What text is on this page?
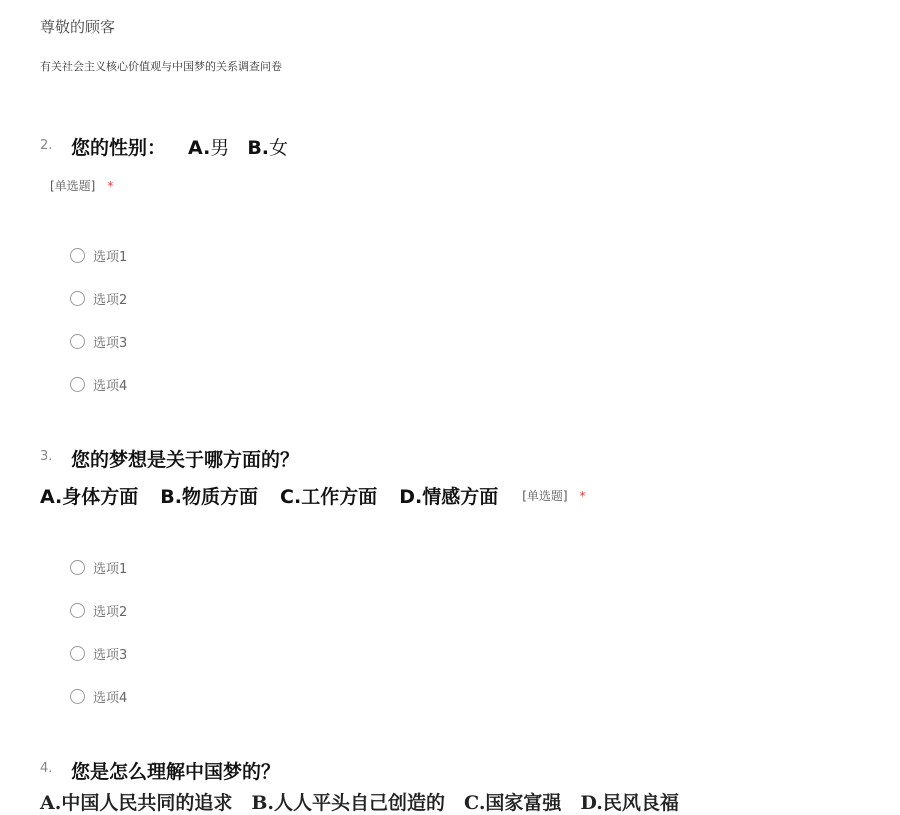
尊敬的顾客
有关社会主义核心价值观与中国梦的关系调查问卷
2. 您的性别： A.男 B.女
[单选题] *
选项1
选项2
选项3
选项4
3. 您的梦想是关于哪方面的？
A.身体方面 B.物质方面 C.工作方面 D.情感方面 [单选题] *
选项1
选项2
选项3
选项4
4. 您是怎么理解中国梦的？
A.中国人民共同的追求　B.人人平头自己创造的　C.国家富强　D.民风良福
